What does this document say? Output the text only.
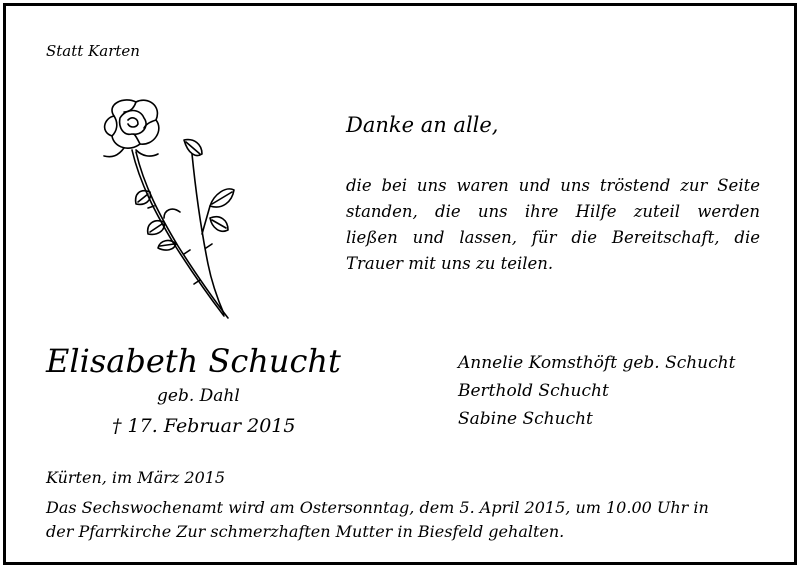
Statt Karten
Danke an alle,
die bei uns waren und uns tröstend zur Seite
standen, die uns ihre Hilfe zuteil werden
ließen und lassen, für die Bereitschaft, die
Trauer mit uns zu teilen.
Elisabeth Schucht
geb. Dahl
† 17. Februar 2015
Annelie Komsthöft geb. Schucht
Berthold Schucht
Sabine Schucht
Kürten, im März 2015
Das Sechswochenamt wird am Ostersonntag, dem 5. April 2015, um 10.00 Uhr in
der Pfarrkirche Zur schmerzhaften Mutter in Biesfeld gehalten.
